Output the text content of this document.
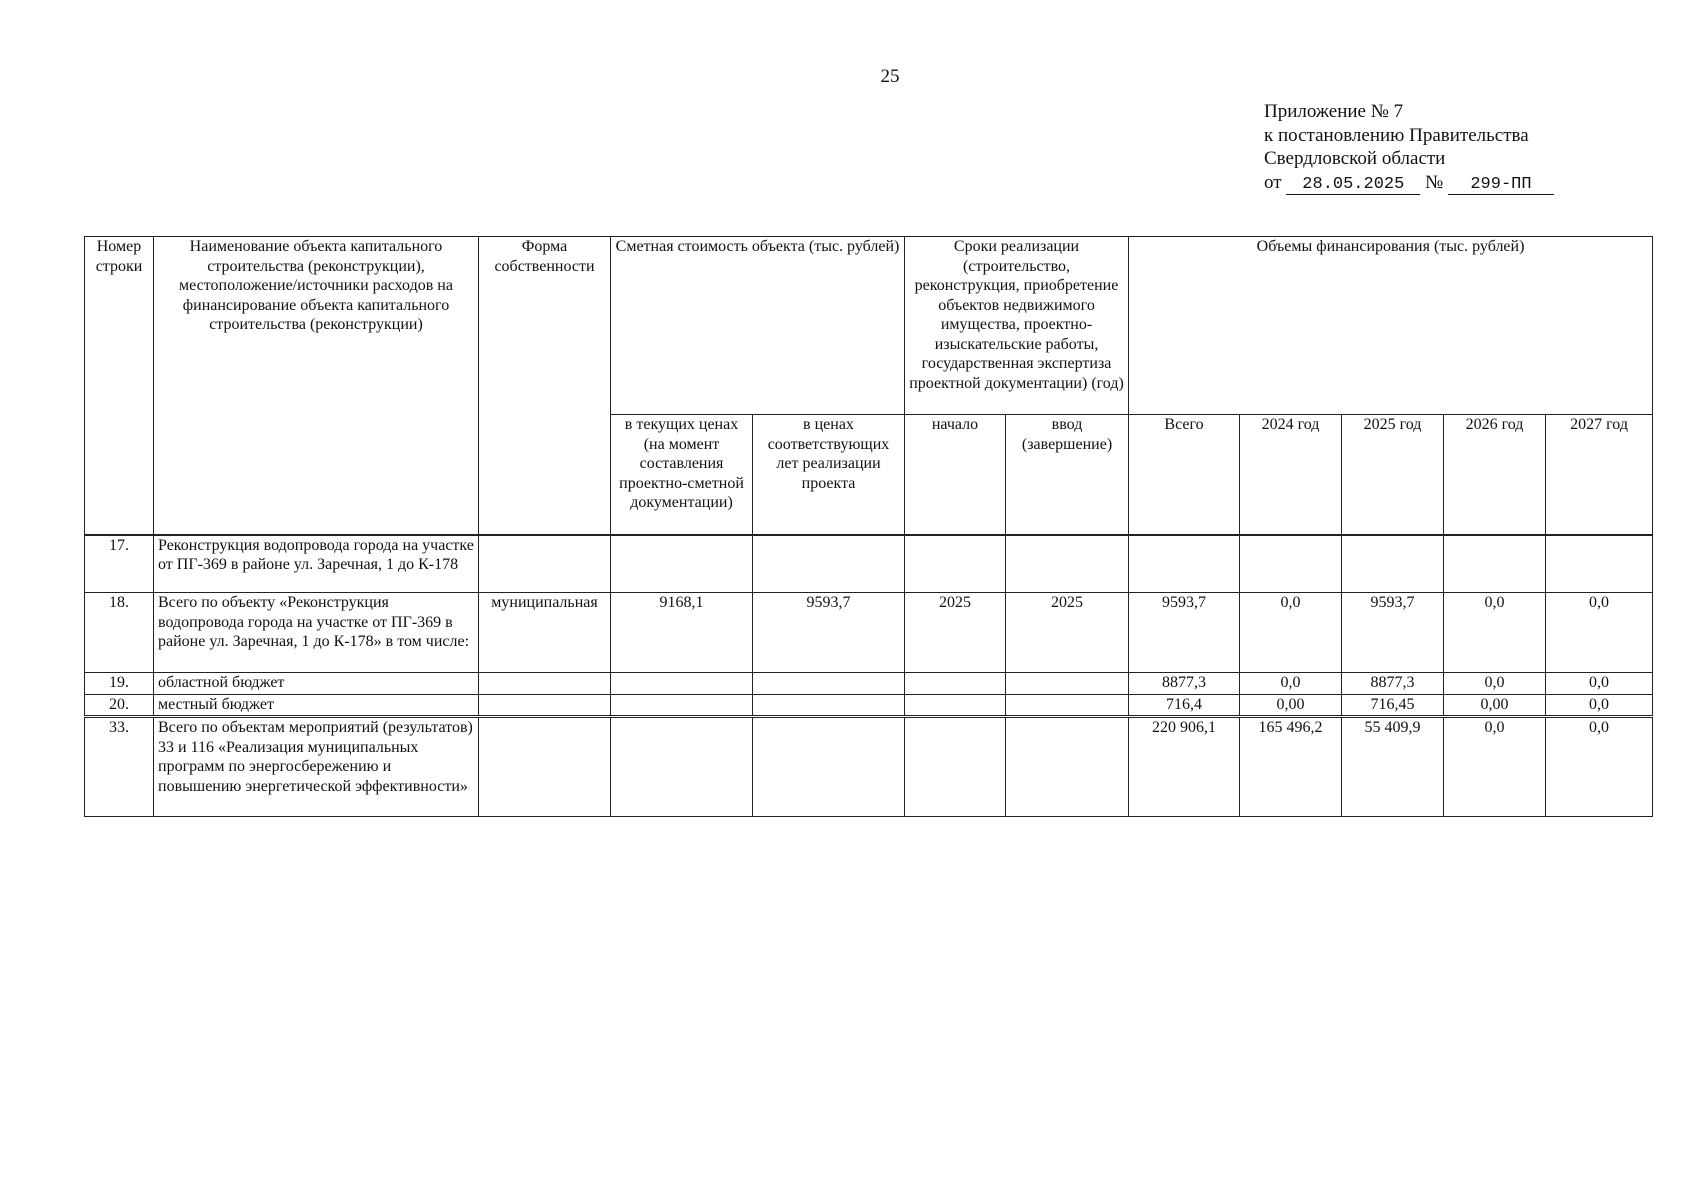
25
Приложение № 7
к постановлению Правительства
Свердловской области
от 28.05.2025 № 299-ПП
Номер строки	Наименование объекта капитального строительства (реконструкции), местоположение/источники расходов на финансирование объекта капитального строительства (реконструкции)	Форма собственности	Сметная стоимость объекта (тыс. рублей)		Сроки реализации (строительство, реконструкция, приобретение объектов недвижимого имущества, проектно-изыскательские работы, государственная экспертиза проектной документации) (год)		Объемы финансирования (тыс. рублей)				
			в текущих ценах (на момент составления проектно-сметной документации)	в ценах соответствующих лет реализации проекта	начало	ввод (завершение)	Всего	2024 год	2025 год	2026 год	2027 год
17.	Реконструкция водопровода города на участке от ПГ-369 в районе ул. Заречная, 1 до К-178										
18.	Всего по объекту «Реконструкция водопровода города на участке от ПГ-369 в районе ул. Заречная, 1 до К-178» в том числе:	муниципальная	9168,1	9593,7	2025	2025	9593,7	0,0	9593,7	0,0	0,0
19.	областной бюджет						8877,3	0,0	8877,3	0,0	0,0
20.	местный бюджет						716,4	0,00	716,45	0,00	0,0
33.	Всего по объектам мероприятий (результатов) 33 и 116 «Реализация муниципальных программ по энергосбережению и повышению энергетической эффективности»						220 906,1	165 496,2	55 409,9	0,0	0,0
